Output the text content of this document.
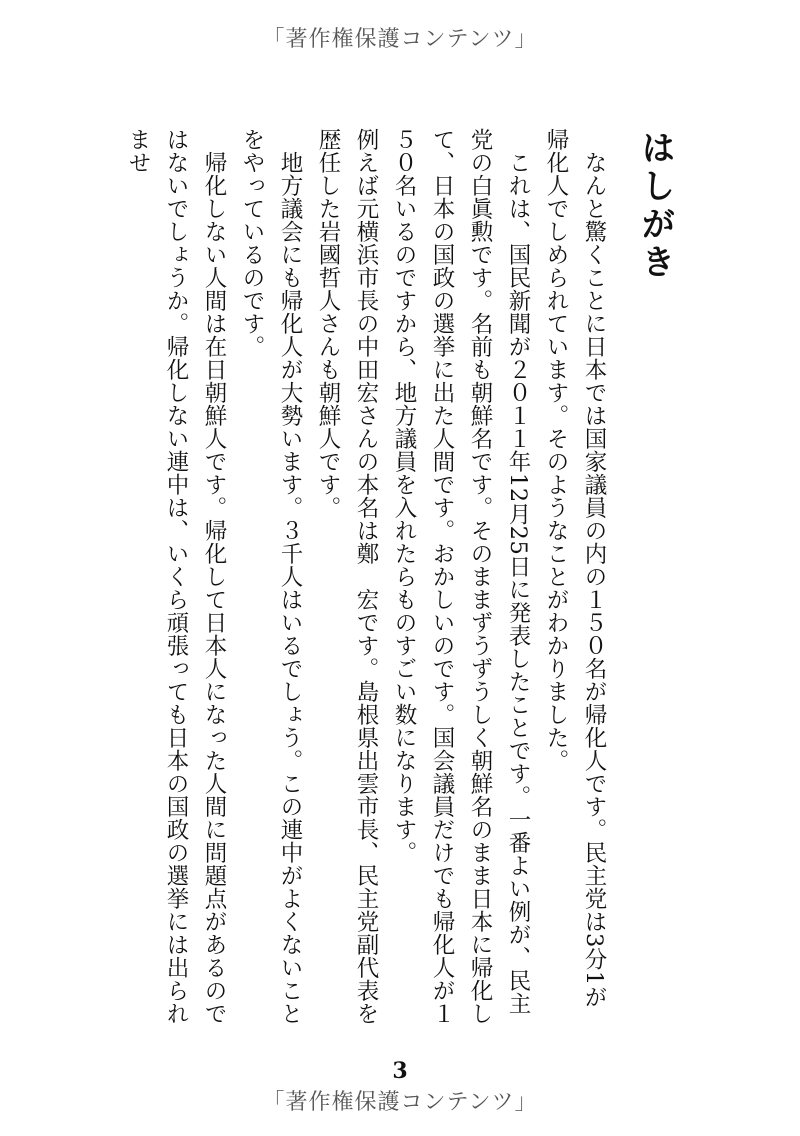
「著作権保護コンテンツ」
はしがき

なんと驚くことに日本では国家議員の内の１５０名が帰化人です。民主党は3分1が帰化人でしめられています。そのようなことがわかりました。

これは、国民新聞が２０１１年12月25日に発表したことです。一番よい例が、民主党の白眞勲です。名前も朝鮮名です。そのままずうずうしく朝鮮名のまま日本に帰化して、日本の国政の選挙に出た人間です。おかしいのです。国会議員だけでも帰化人が１５０名いるのですから、地方議員を入れたらものすごい数になります。

例えば元横浜市長の中田宏さんの本名は鄭　宏です。島根県出雲市長、民主党副代表を歴任した岩國哲人さんも朝鮮人です。

地方議会にも帰化人が大勢います。３千人はいるでしょう。この連中がよくないことをやっているのです。

帰化しない人間は在日朝鮮人です。帰化して日本人になった人間に問題点があるのではないでしょうか。帰化しない連中は、いくら頑張っても日本の国政の選挙には出られませ

3
「著作権保護コンテンツ」
